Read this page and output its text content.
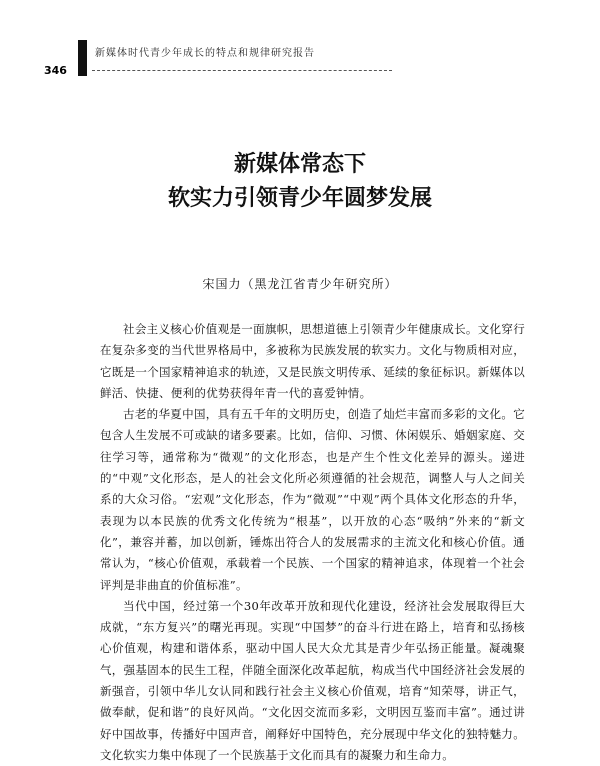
新媒体时代青少年成长的特点和规律研究报告
346
新媒体常态下
软实力引领青少年圆梦发展

宋国力（黑龙江省青少年研究所）

社会主义核心价值观是一面旗帜，思想道德上引领青少年健康成长。文化穿行在复杂多变的当代世界格局中，多被称为民族发展的软实力。文化与物质相对应，它既是一个国家精神追求的轨迹，又是民族文明传承、延续的象征标识。新媒体以鲜活、快捷、便利的优势获得年青一代的喜爱钟情。

古老的华夏中国，具有五千年的文明历史，创造了灿烂丰富而多彩的文化。它包含人生发展不可或缺的诸多要素。比如，信仰、习惯、休闲娱乐、婚姻家庭、交往学习等，通常称为“微观”的文化形态，也是产生个性文化差异的源头。递进的“中观”文化形态，是人的社会文化所必须遵循的社会规范，调整人与人之间关系的大众习俗。“宏观”文化形态，作为“微观”“中观”两个具体文化形态的升华，表现为以本民族的优秀文化传统为“根基”，以开放的心态“吸纳”外来的“新文化”，兼容并蓄，加以创新，锤炼出符合人的发展需求的主流文化和核心价值。通常认为，“核心价值观，承载着一个民族、一个国家的精神追求，体现着一个社会评判是非曲直的价值标准”。

当代中国，经过第一个30年改革开放和现代化建设，经济社会发展取得巨大成就，“东方复兴”的曙光再现。实现“中国梦”的奋斗行进在路上，培育和弘扬核心价值观，构建和谐体系，驱动中国人民大众尤其是青少年弘扬正能量。凝魂聚气，强基固本的民生工程，伴随全面深化改革起航，构成当代中国经济社会发展的新强音，引领中华儿女认同和践行社会主义核心价值观，培育“知荣辱，讲正气，做奉献，促和谐”的良好风尚。“文化因交流而多彩，文明因互鉴而丰富”。通过讲好中国故事，传播好中国声音，阐释好中国特色，充分展现中华文化的独特魅力。文化软实力集中体现了一个民族基于文化而具有的凝聚力和生命力。
